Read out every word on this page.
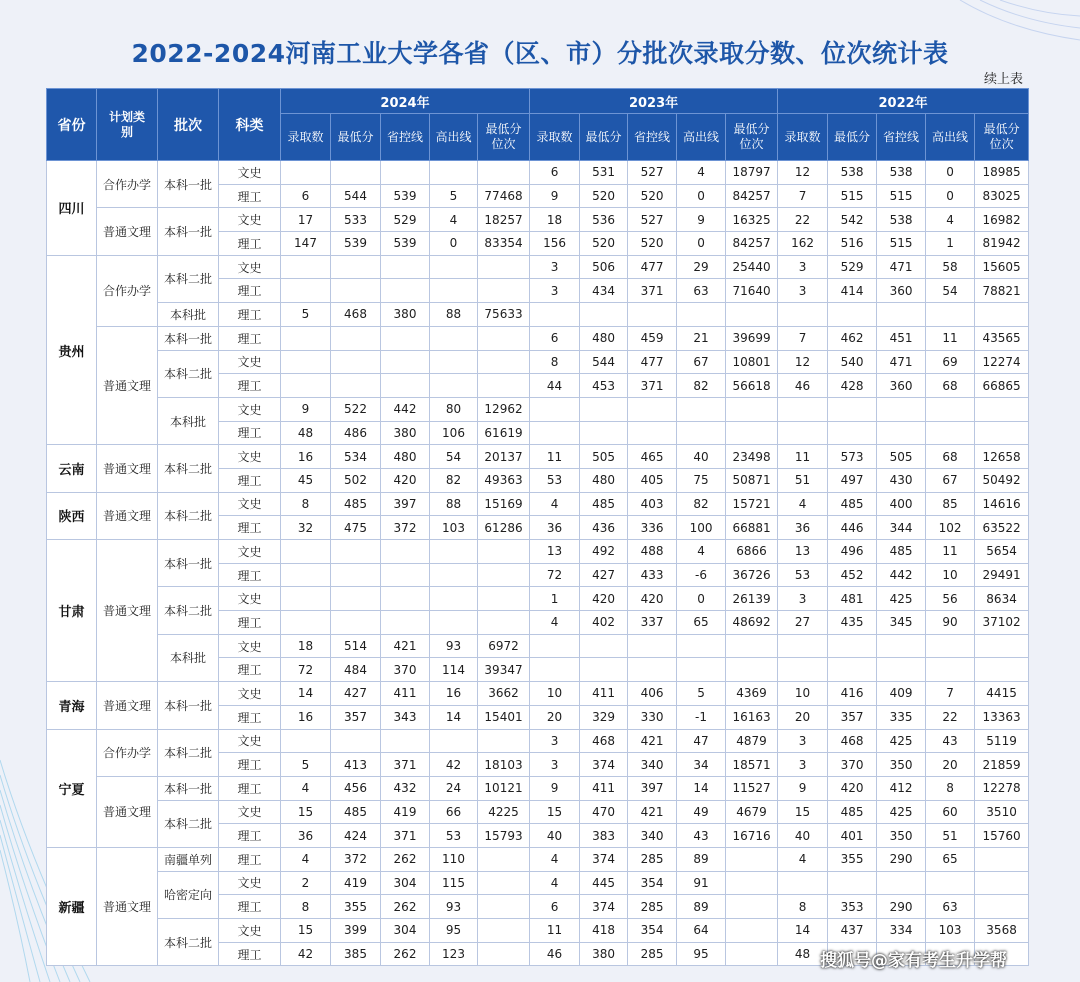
2022-2024河南工业大学各省（区、市）分批次录取分数、位次统计表
续上表
省份	计划类别	批次	科类	2024年					2023年					2022年				
				录取数	最低分	省控线	高出线	最低分位次	录取数	最低分	省控线	高出线	最低分位次	录取数	最低分	省控线	高出线	最低分位次
四川	合作办学	本科一批	文史						6	531	527	4	18797	12	538	538	0	18985
			理工	6	544	539	5	77468	9	520	520	0	84257	7	515	515	0	83025
	普通文理	本科一批	文史	17	533	529	4	18257	18	536	527	9	16325	22	542	538	4	16982
			理工	147	539	539	0	83354	156	520	520	0	84257	162	516	515	1	81942
贵州	合作办学	本科二批	文史						3	506	477	29	25440	3	529	471	58	15605
			理工						3	434	371	63	71640	3	414	360	54	78821
		本科批	理工	5	468	380	88	75633										
	普通文理	本科一批	理工						6	480	459	21	39699	7	462	451	11	43565
		本科二批	文史						8	544	477	67	10801	12	540	471	69	12274
			理工						44	453	371	82	56618	46	428	360	68	66865
		本科批	文史	9	522	442	80	12962										
			理工	48	486	380	106	61619										
云南	普通文理	本科二批	文史	16	534	480	54	20137	11	505	465	40	23498	11	573	505	68	12658
			理工	45	502	420	82	49363	53	480	405	75	50871	51	497	430	67	50492
陕西	普通文理	本科二批	文史	8	485	397	88	15169	4	485	403	82	15721	4	485	400	85	14616
			理工	32	475	372	103	61286	36	436	336	100	66881	36	446	344	102	63522
甘肃	普通文理	本科一批	文史						13	492	488	4	6866	13	496	485	11	5654
			理工						72	427	433	-6	36726	53	452	442	10	29491
		本科二批	文史						1	420	420	0	26139	3	481	425	56	8634
			理工						4	402	337	65	48692	27	435	345	90	37102
		本科批	文史	18	514	421	93	6972										
			理工	72	484	370	114	39347										
青海	普通文理	本科一批	文史	14	427	411	16	3662	10	411	406	5	4369	10	416	409	7	4415
			理工	16	357	343	14	15401	20	329	330	-1	16163	20	357	335	22	13363
宁夏	合作办学	本科二批	文史						3	468	421	47	4879	3	468	425	43	5119
			理工	5	413	371	42	18103	3	374	340	34	18571	3	370	350	20	21859
	普通文理	本科一批	理工	4	456	432	24	10121	9	411	397	14	11527	9	420	412	8	12278
		本科二批	文史	15	485	419	66	4225	15	470	421	49	4679	15	485	425	60	3510
			理工	36	424	371	53	15793	40	383	340	43	16716	40	401	350	51	15760
新疆	普通文理	南疆单列	理工	4	372	262	110		4	374	285	89		4	355	290	65	
		哈密定向	文史	2	419	304	115		4	445	354	91						
			理工	8	355	262	93		6	374	285	89		8	353	290	63	
		本科二批	文史	15	399	304	95		11	418	354	64		14	437	334	103	3568
			理工	42	385	262	123		46	380	285	95		48				搜狐号@家有考生升学帮
